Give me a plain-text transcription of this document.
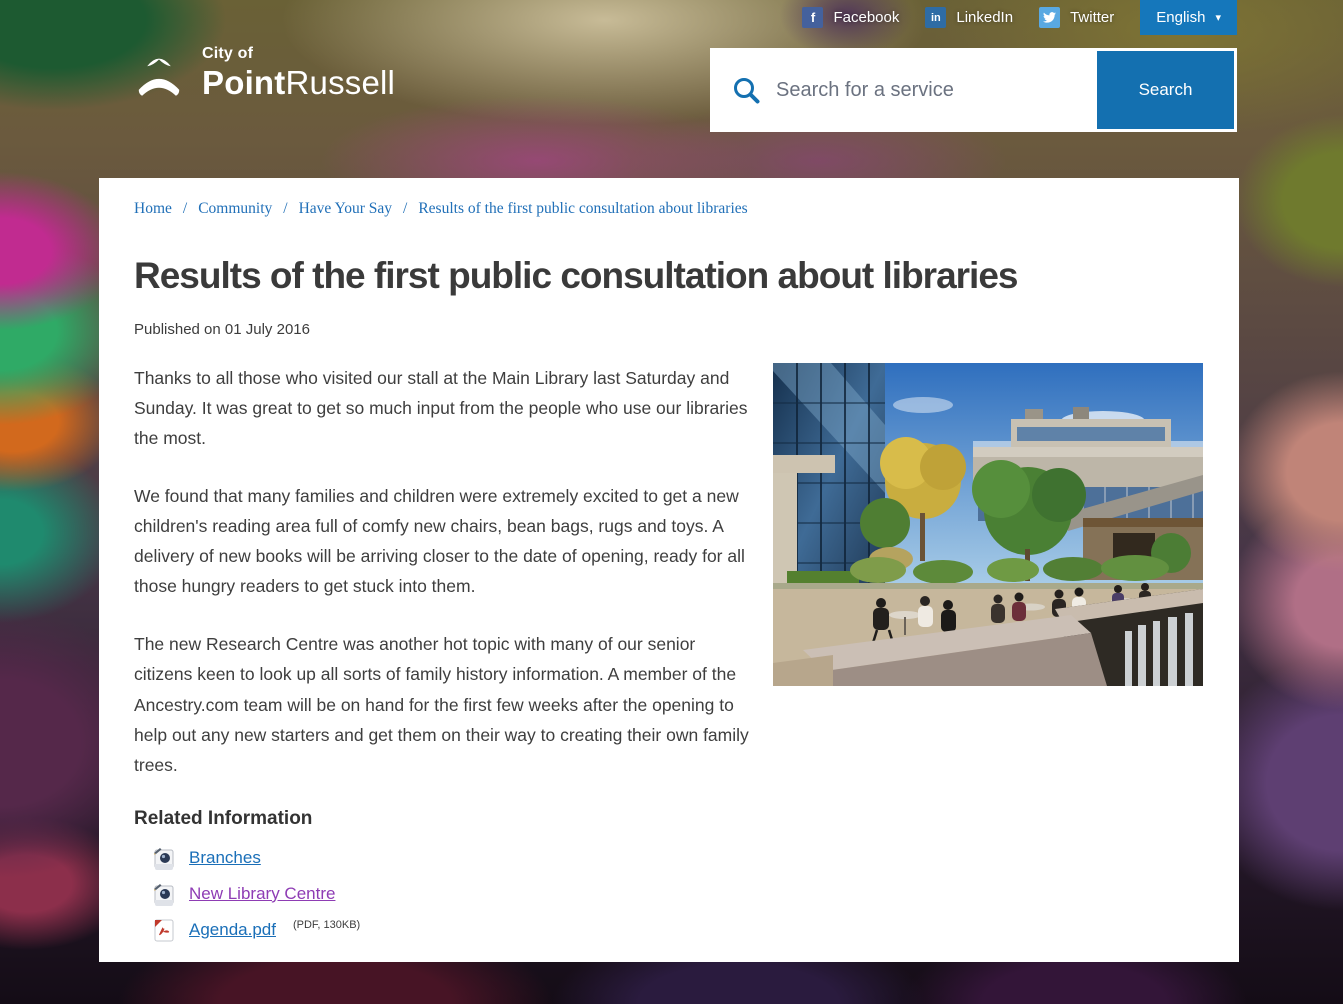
f	Facebook	in	LinkedIn	Twitter	English ▾
City of
PointRussell
Search for a service	Search
Home / Community / Have Your Say / Results of the first public consultation about libraries
Results of the first public consultation about libraries
Published on 01 July 2016

Thanks to all those who visited our stall at the Main Library last Saturday and Sunday. It was great to get so much input from the people who use our libraries the most.

We found that many families and children were extremely excited to get a new children's reading area full of comfy new chairs, bean bags, rugs and toys. A delivery of new books will be arriving closer to the date of opening, ready for all those hungry readers to get stuck into them.

The new Research Centre was another hot topic with many of our senior citizens keen to look up all sorts of family history information. A member of the Ancestry.com team will be on hand for the first few weeks after the opening to help out any new starters and get them on their way to creating their own family trees.

Related Information
Branches
New Library Centre
Agenda.pdf (PDF, 130KB)
